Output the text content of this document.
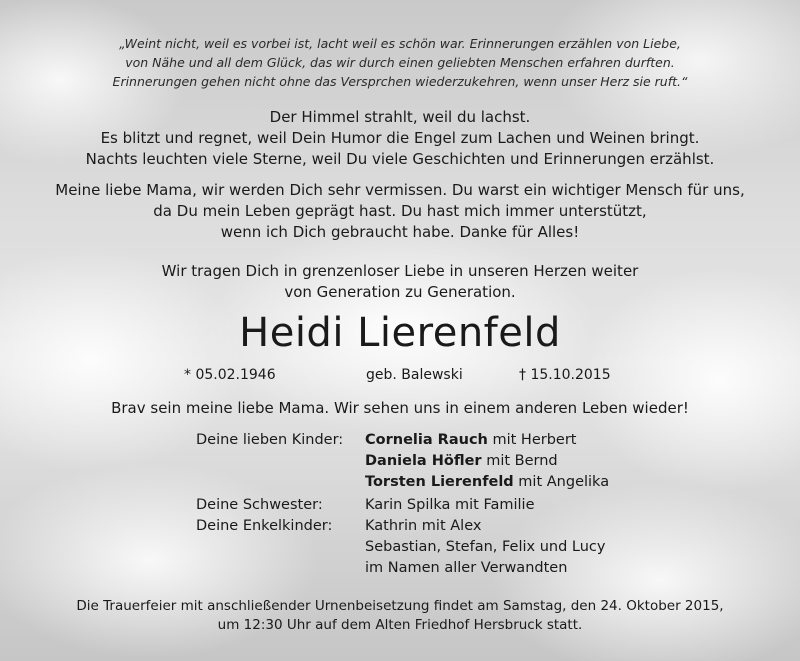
„Weint nicht, weil es vorbei ist, lacht weil es schön war. Erinnerungen erzählen von Liebe,
von Nähe und all dem Glück, das wir durch einen geliebten Menschen erfahren durften.
Erinnerungen gehen nicht ohne das Versprchen wiederzukehren, wenn unser Herz sie ruft.“
Der Himmel strahlt, weil du lachst.
Es blitzt und regnet, weil Dein Humor die Engel zum Lachen und Weinen bringt.
Nachts leuchten viele Sterne, weil Du viele Geschichten und Erinnerungen erzählst.
Meine liebe Mama, wir werden Dich sehr vermissen. Du warst ein wichtiger Mensch für uns,
da Du mein Leben geprägt hast. Du hast mich immer unterstützt,
wenn ich Dich gebraucht habe. Danke für Alles!
Wir tragen Dich in grenzenloser Liebe in unseren Herzen weiter
von Generation zu Generation.
Heidi Lierenfeld
* 05.02.1946	geb. Balewski	† 15.10.2015
Brav sein meine liebe Mama. Wir sehen uns in einem anderen Leben wieder!
Deine lieben Kinder: Cornelia Rauch mit Herbert
Daniela Höfler mit Bernd
Torsten Lierenfeld mit Angelika
Deine Schwester:	Karin Spilka mit Familie
Deine Enkelkinder: Kathrin mit Alex
Sebastian, Stefan, Felix und Lucy
im Namen aller Verwandten
Die Trauerfeier mit anschließender Urnenbeisetzung findet am Samstag, den 24. Oktober 2015,
um 12:30 Uhr auf dem Alten Friedhof Hersbruck statt.
